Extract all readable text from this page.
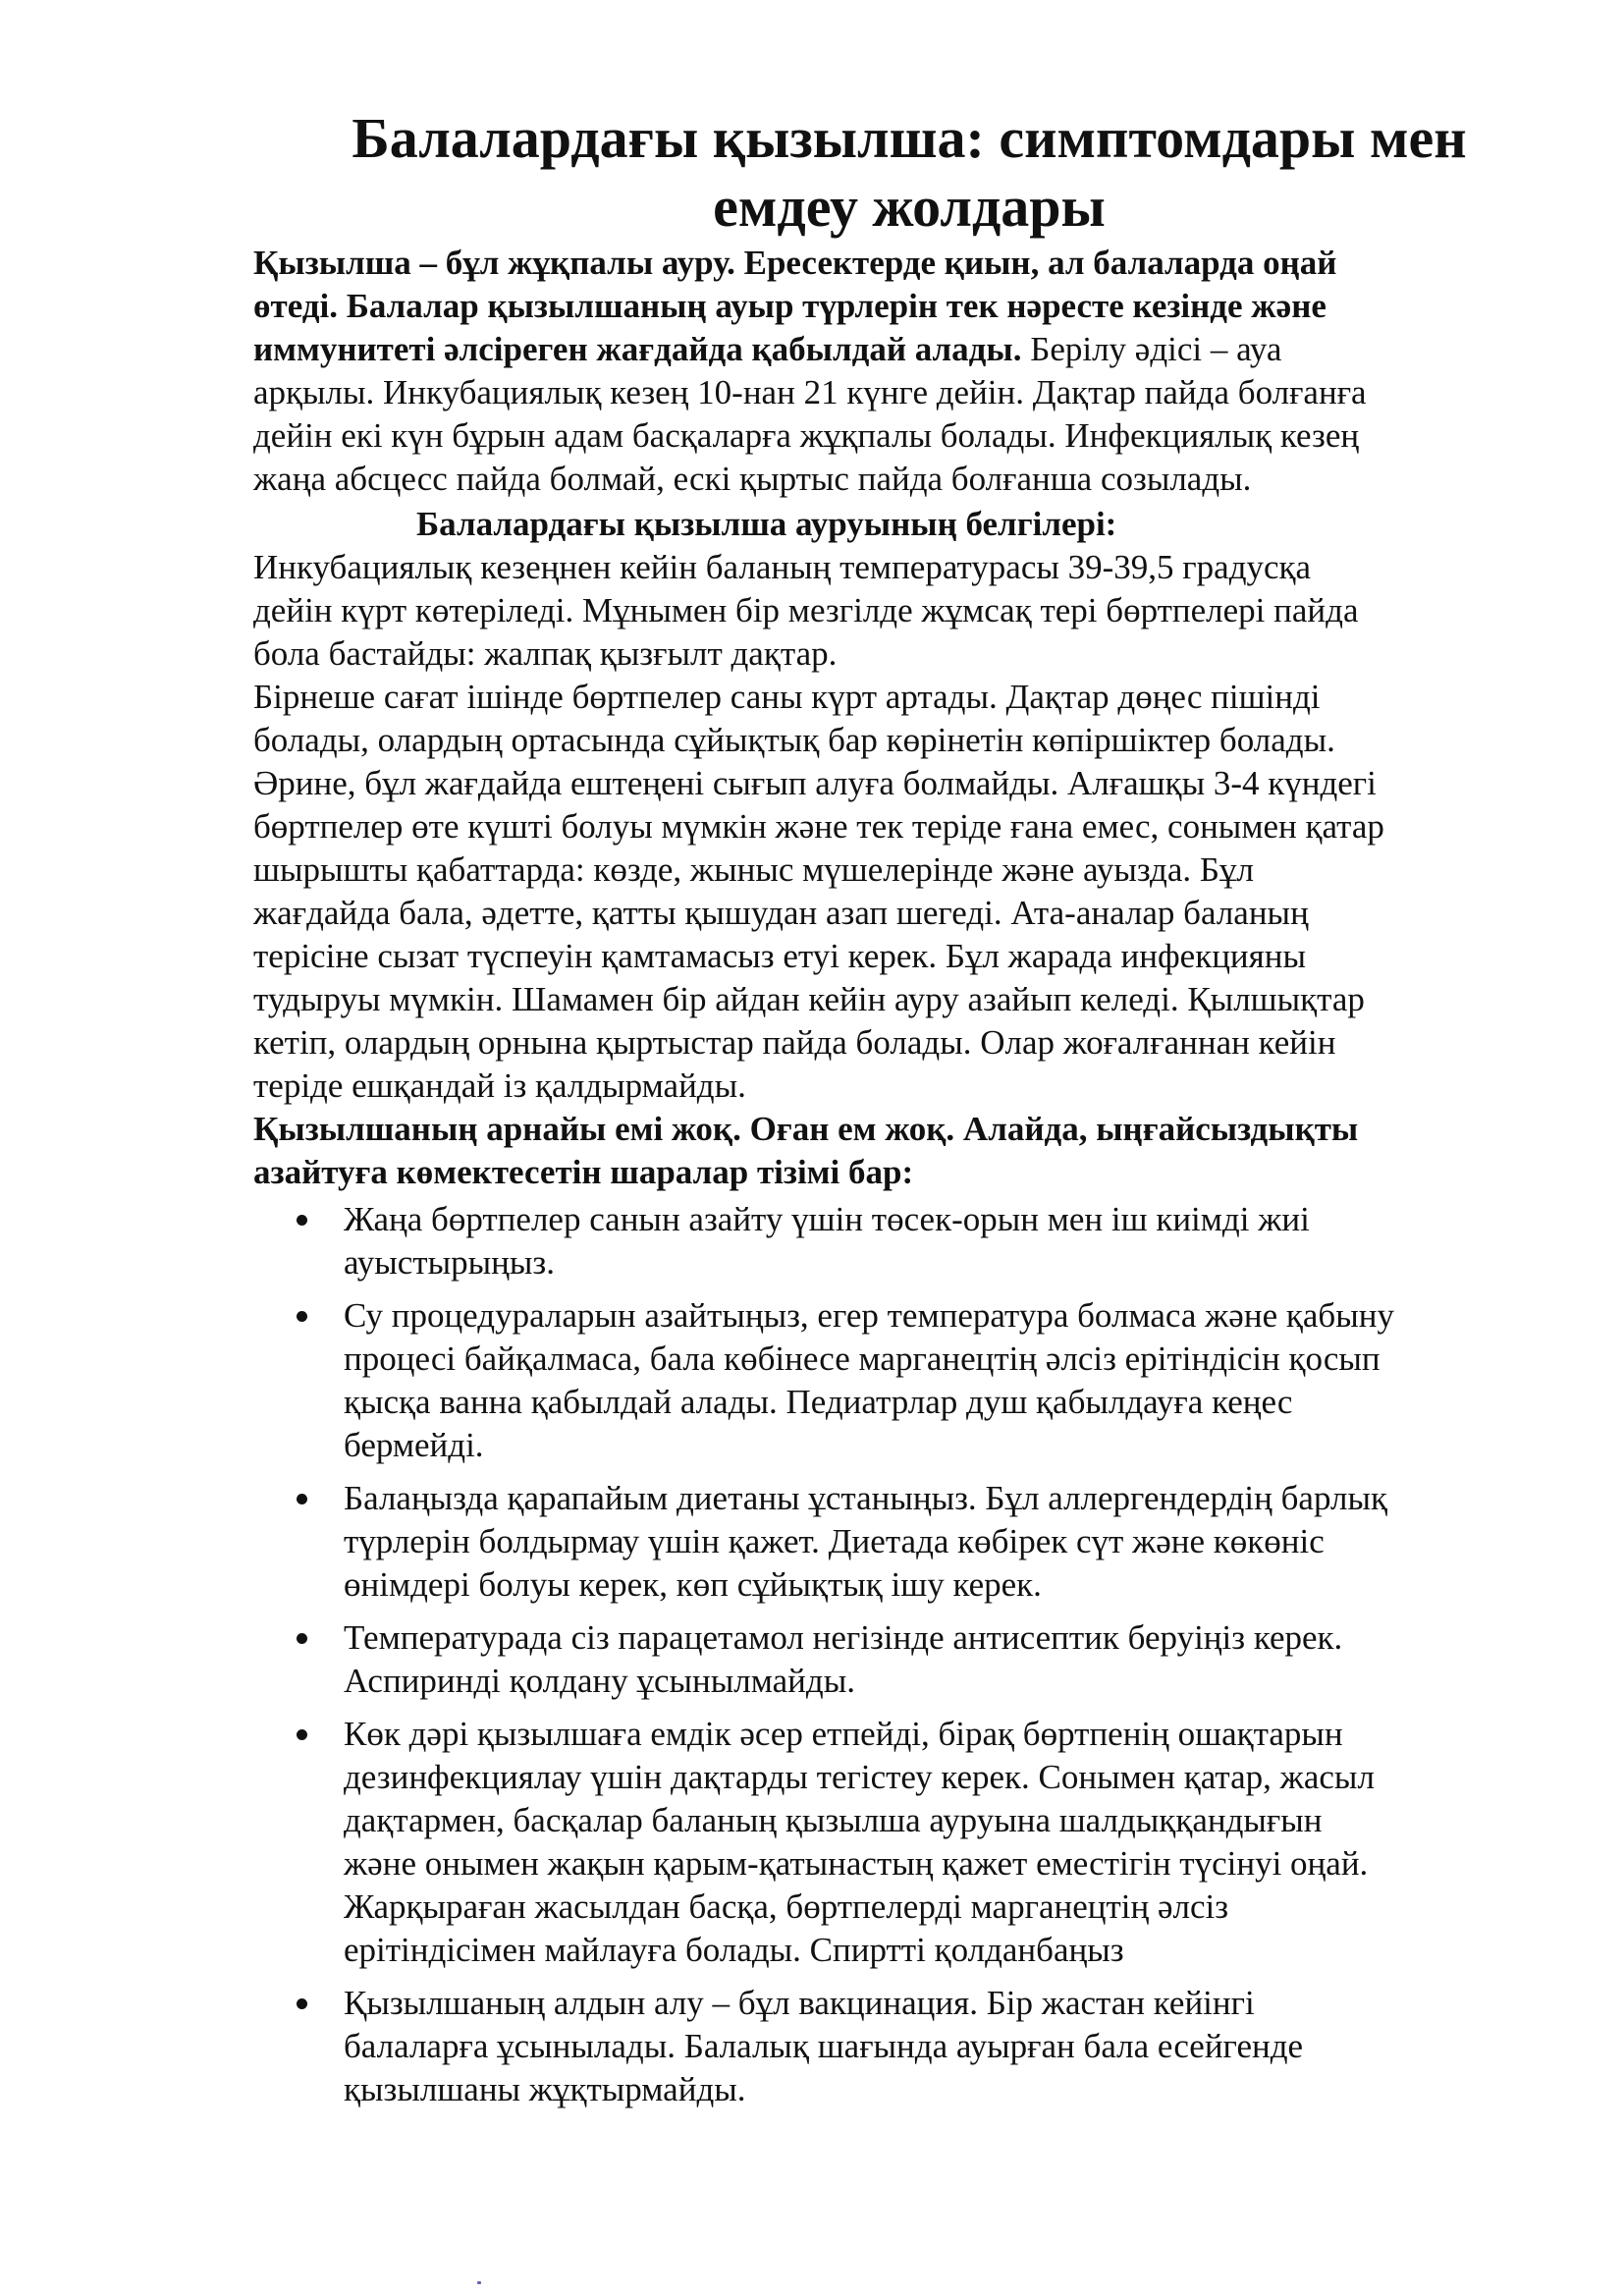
Балалардағы қызылша: симптомдары мен
емдеу жолдары
Қызылша – бұл жұқпалы ауру. Ересектерде қиын, ал балаларда оңай
өтеді. Балалар қызылшаның ауыр түрлерін тек нәресте кезінде және
иммунитеті әлсіреген жағдайда қабылдай алады. Берілу әдісі – ауа
арқылы. Инкубациялық кезең 10-нан 21 күнге дейін. Дақтар пайда болғанға
дейін екі күн бұрын адам басқаларға жұқпалы болады. Инфекциялық кезең
жаңа абсцесс пайда болмай, ескі қыртыс пайда болғанша созылады.
Балалардағы қызылша ауруының белгілері:
Инкубациялық кезеңнен кейін баланың температурасы 39-39,5 градусқа
дейін күрт көтеріледі. Мұнымен бір мезгілде жұмсақ тері бөртпелері пайда
бола бастайды: жалпақ қызғылт дақтар.
Бірнеше сағат ішінде бөртпелер саны күрт артады. Дақтар дөңес пішінді
болады, олардың ортасында сұйықтық бар көрінетін көпіршіктер болады.
Әрине, бұл жағдайда ештеңені сығып алуға болмайды. Алғашқы 3-4 күндегі
бөртпелер өте күшті болуы мүмкін және тек теріде ғана емес, сонымен қатар
шырышты қабаттарда: көзде, жыныс мүшелерінде және ауызда. Бұл
жағдайда бала, әдетте, қатты қышудан азап шегеді. Ата-аналар баланың
терісіне сызат түспеуін қамтамасыз етуі керек. Бұл жарада инфекцияны
тудыруы мүмкін. Шамамен бір айдан кейін ауру азайып келеді. Қылшықтар
кетіп, олардың орнына қыртыстар пайда болады. Олар жоғалғаннан кейін
теріде ешқандай із қалдырмайды.
Қызылшаның арнайы емі жоқ. Оған ем жоқ. Алайда, ыңғайсыздықты
азайтуға көмектесетін шаралар тізімі бар:
Жаңа бөртпелер санын азайту үшін төсек-орын мен іш киімді жиі
ауыстырыңыз.
Су процедураларын азайтыңыз, егер температура болмаса және қабыну
процесі байқалмаса, бала көбінесе марганецтің әлсіз ерітіндісін қосып
қысқа ванна қабылдай алады. Педиатрлар душ қабылдауға кеңес
бермейді.
Балаңызда қарапайым диетаны ұстаныңыз. Бұл аллергендердің барлық
түрлерін болдырмау үшін қажет. Диетада көбірек сүт және көкөніс
өнімдері болуы керек, көп сұйықтық ішу керек.
Температурада сіз парацетамол негізінде антисептик беруіңіз керек.
Аспиринді қолдану ұсынылмайды.
Көк дәрі қызылшаға емдік әсер етпейді, бірақ бөртпенің ошақтарын
дезинфекциялау үшін дақтарды тегістеу керек. Сонымен қатар, жасыл
дақтармен, басқалар баланың қызылша ауруына шалдыққандығын
және онымен жақын қарым-қатынастың қажет еместігін түсінуі оңай.
Жарқыраған жасылдан басқа, бөртпелерді марганецтің әлсіз
ерітіндісімен майлауға болады. Спиртті қолданбаңыз
Қызылшаның алдын алу – бұл вакцинация. Бір жастан кейінгі
балаларға ұсынылады. Балалық шағында ауырған бала есейгенде
қызылшаны жұқтырмайды.
